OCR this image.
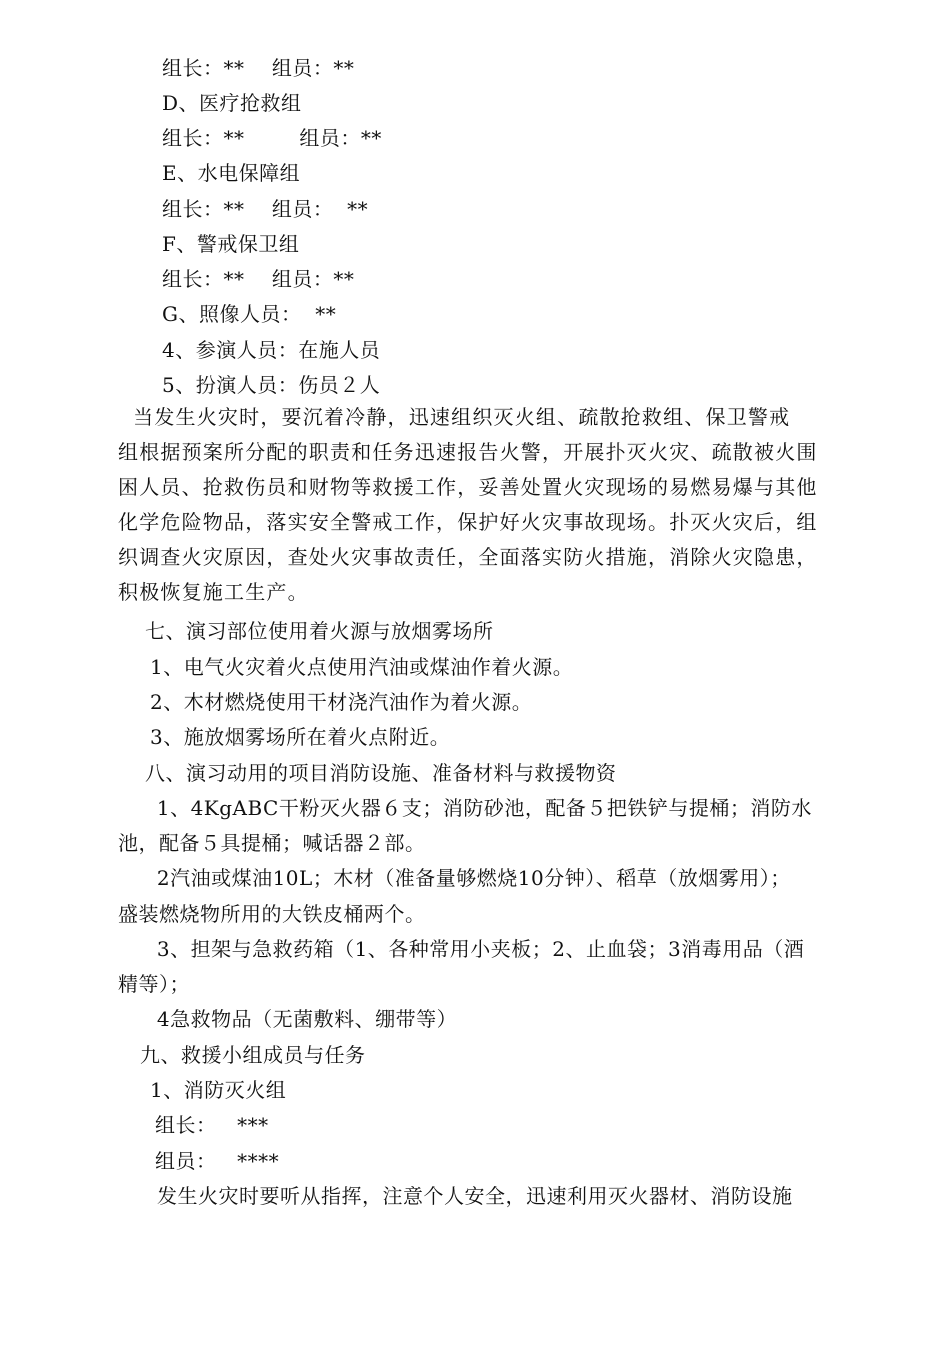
组长：**    组员：**
D、医疗抢救组
组长：**        组员：**
E、水电保障组
组长：**    组员：  **
F、警戒保卫组
组长：**    组员：**
G、照像人员：  **
4、参演人员：在施人员
5、扮演人员：伤员２人
当发生火灾时，要沉着冷静，迅速组织灭火组、疏散抢救组、保卫警戒
组根据预案所分配的职责和任务迅速报告火警，开展扑灭火灾、疏散被火围
困人员、抢救伤员和财物等救援工作，妥善处置火灾现场的易燃易爆与其他
化学危险物品，落实安全警戒工作，保护好火灾事故现场。扑灭火灾后，组
织调查火灾原因，查处火灾事故责任，全面落实防火措施，消除火灾隐患，
积极恢复施工生产。
七、演习部位使用着火源与放烟雾场所
1、电气火灾着火点使用汽油或煤油作着火源。
2、木材燃烧使用干材浇汽油作为着火源。
3、施放烟雾场所在着火点附近。
八、演习动用的项目消防设施、准备材料与救援物资
1、4KgABC干粉灭火器６支；消防砂池，配备５把铁铲与提桶；消防水
池，配备５具提桶；喊话器２部。
2汽油或煤油10L；木材（准备量够燃烧10分钟）、稻草（放烟雾用）；
盛装燃烧物所用的大铁皮桶两个。
3、担架与急救药箱（1、各种常用小夹板；2、止血袋；3消毒用品（酒
精等）；
4急救物品（无菌敷料、绷带等）
九、救援小组成员与任务
1、消防灭火组
组长：   ***
组员：   ****
发生火灾时要听从指挥，注意个人安全，迅速利用灭火器材、消防设施
